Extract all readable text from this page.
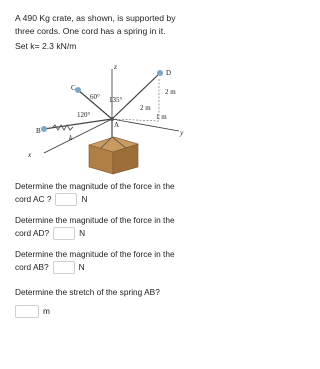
A 490 Kg crate, as shown, is supported by
three cords. One cord has a spring in it.

Set k= 2.3 kN/m

z
D
C
A
B
x
y
k
60° 135°
120°
2 m
2 m
1 m
Determine the magnitude of the force in the
cord AC ?	N
Determine the magnitude of the force in the
cord AD?	N
Determine the magnitude of the force in the
cord AB?	N
Determine the stretch of the spring AB?
m
